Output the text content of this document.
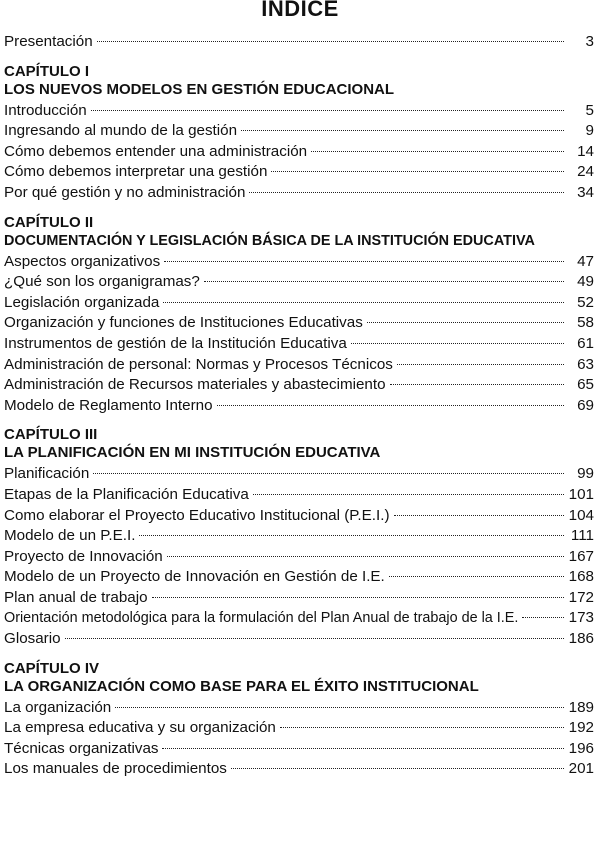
INDICE
Presentación	3
CAPÍTULO I
LOS NUEVOS MODELOS EN GESTIÓN EDUCACIONAL
Introducción	5
Ingresando al mundo de la gestión	9
Cómo debemos entender una administración	14
Cómo debemos interpretar una gestión	24
Por qué gestión y no administración	34
CAPÍTULO II
DOCUMENTACIÓN Y LEGISLACIÓN BÁSICA DE LA INSTITUCIÓN EDUCATIVA
Aspectos organizativos	47
¿Qué son los organigramas?	49
Legislación organizada	52
Organización y funciones de Instituciones Educativas	58
Instrumentos de gestión de la Institución Educativa	61
Administración de personal: Normas y Procesos Técnicos	63
Administración de Recursos materiales y abastecimiento	65
Modelo de Reglamento Interno	69
CAPÍTULO III
LA PLANIFICACIÓN EN MI INSTITUCIÓN EDUCATIVA
Planificación	99
Etapas de la Planificación Educativa	101
Como elaborar el Proyecto Educativo Institucional (P.E.I.)	104
Modelo de un P.E.I.	111
Proyecto de Innovación	167
Modelo de un Proyecto de Innovación en Gestión de I.E.	168
Plan anual de trabajo	172
Orientación metodológica para la formulación del Plan Anual de trabajo de la I.E.	173
Glosario	186
CAPÍTULO IV
LA ORGANIZACIÓN COMO BASE PARA EL ÉXITO INSTITUCIONAL
La organización	189
La empresa educativa y su organización	192
Técnicas organizativas	196
Los manuales de procedimientos	201
